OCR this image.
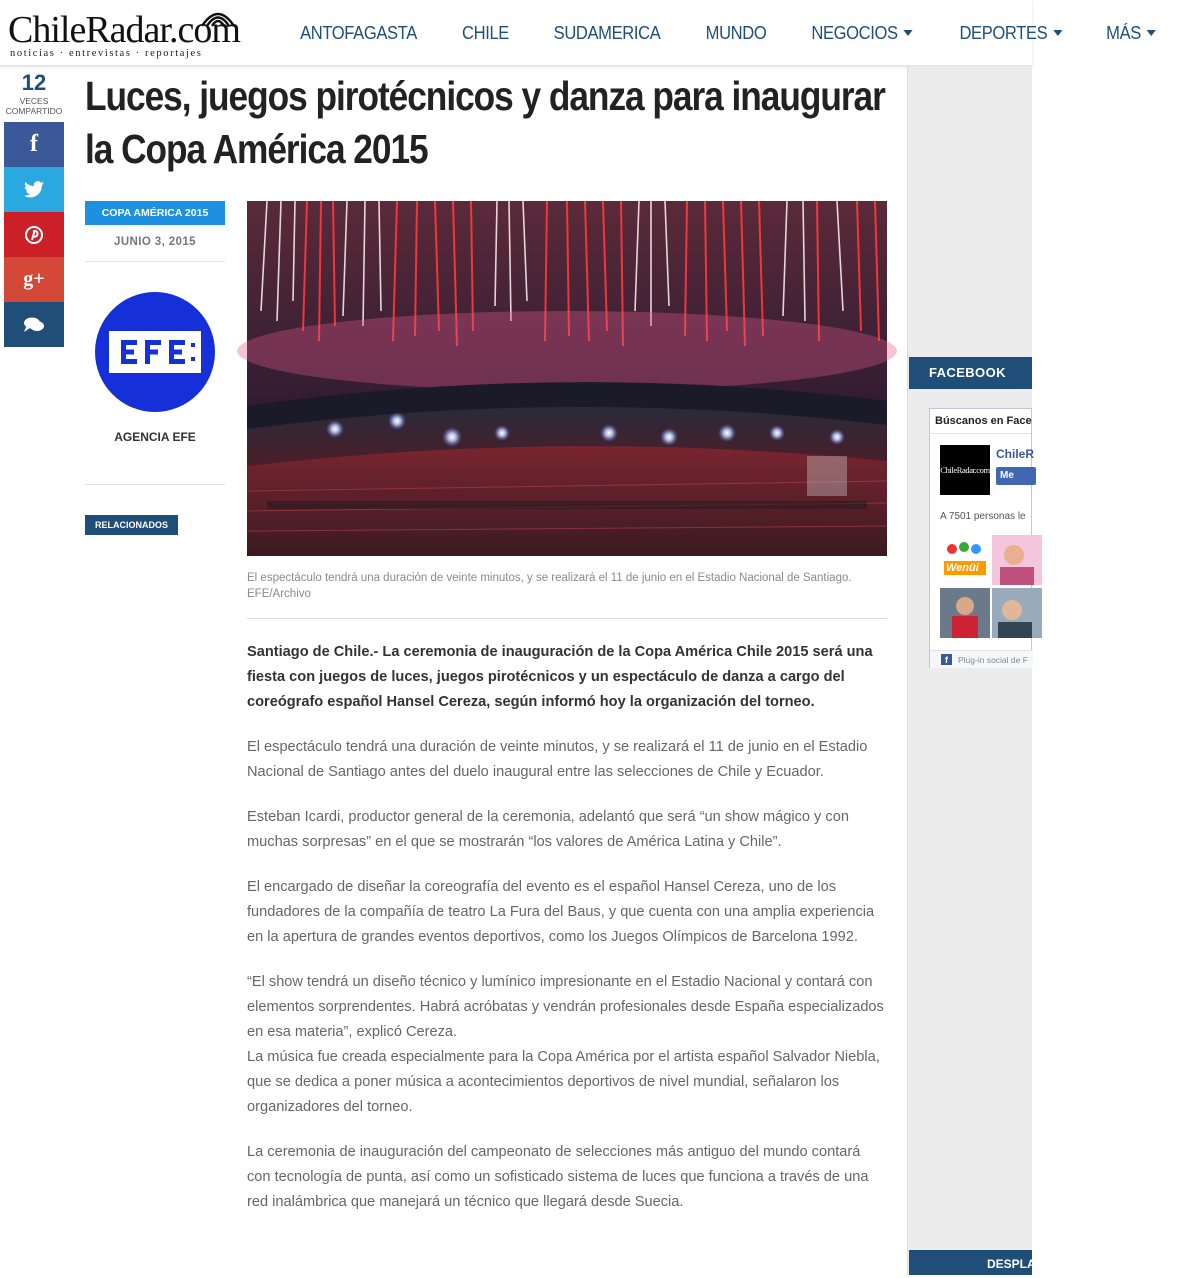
ChileRadar.com
noticias · entrevistas · reportajes
ANTOFAGASTA	CHILE SUDAMERICA	MUNDO	NEGOCIOS	DEPORTES	MÁS
12
VECES
COMPARTIDO
f
g+
Luces, juegos pirotécnicos y danza para inaugurar la Copa América 2015
COPA AMÉRICA 2015
JUNIO 3, 2015
AGENCIA EFE
RELACIONADOS
El espectáculo tendrá una duración de veinte minutos, y se realizará el 11 de junio en el Estadio Nacional de Santiago. EFE/Archivo

Santiago de Chile.- La ceremonia de inauguración de la Copa América Chile 2015 será una fiesta con juegos de luces, juegos pirotécnicos y un espectáculo de danza a cargo del coreógrafo español Hansel Cereza, según informó hoy la organización del torneo.

El espectáculo tendrá una duración de veinte minutos, y se realizará el 11 de junio en el Estadio Nacional de Santiago antes del duelo inaugural entre las selecciones de Chile y Ecuador.

Esteban Icardi, productor general de la ceremonia, adelantó que será “un show mágico y con muchas sorpresas” en el que se mostrarán “los valores de América Latina y Chile”.

El encargado de diseñar la coreografía del evento es el español Hansel Cereza, uno de los fundadores de la compañía de teatro La Fura del Baus, y que cuenta con una amplia experiencia en la apertura de grandes eventos deportivos, como los Juegos Olímpicos de Barcelona 1992.

“El show tendrá un diseño técnico y lumínico impresionante en el Estadio Nacional y contará con elementos sorprendentes. Habrá acróbatas y vendrán profesionales desde España especializados en esa materia”, explicó Cereza.

La música fue creada especialmente para la Copa América por el artista español Salvador Niebla, que se dedica a poner música a acontecimientos deportivos de nivel mundial, señalaron los organizadores del torneo.

La ceremonia de inauguración del campeonato de selecciones más antiguo del mundo contará con tecnología de punta, así como un sofisticado sistema de luces que funciona a través de una red inalámbrica que manejará un técnico que llegará desde Suecia.

FACEBOOK
Búscanos en Face
ChileRadar.com
ChileR
Me
A 7501 personas le
Wenüi
f	Plug-in social de F
DESPLA
